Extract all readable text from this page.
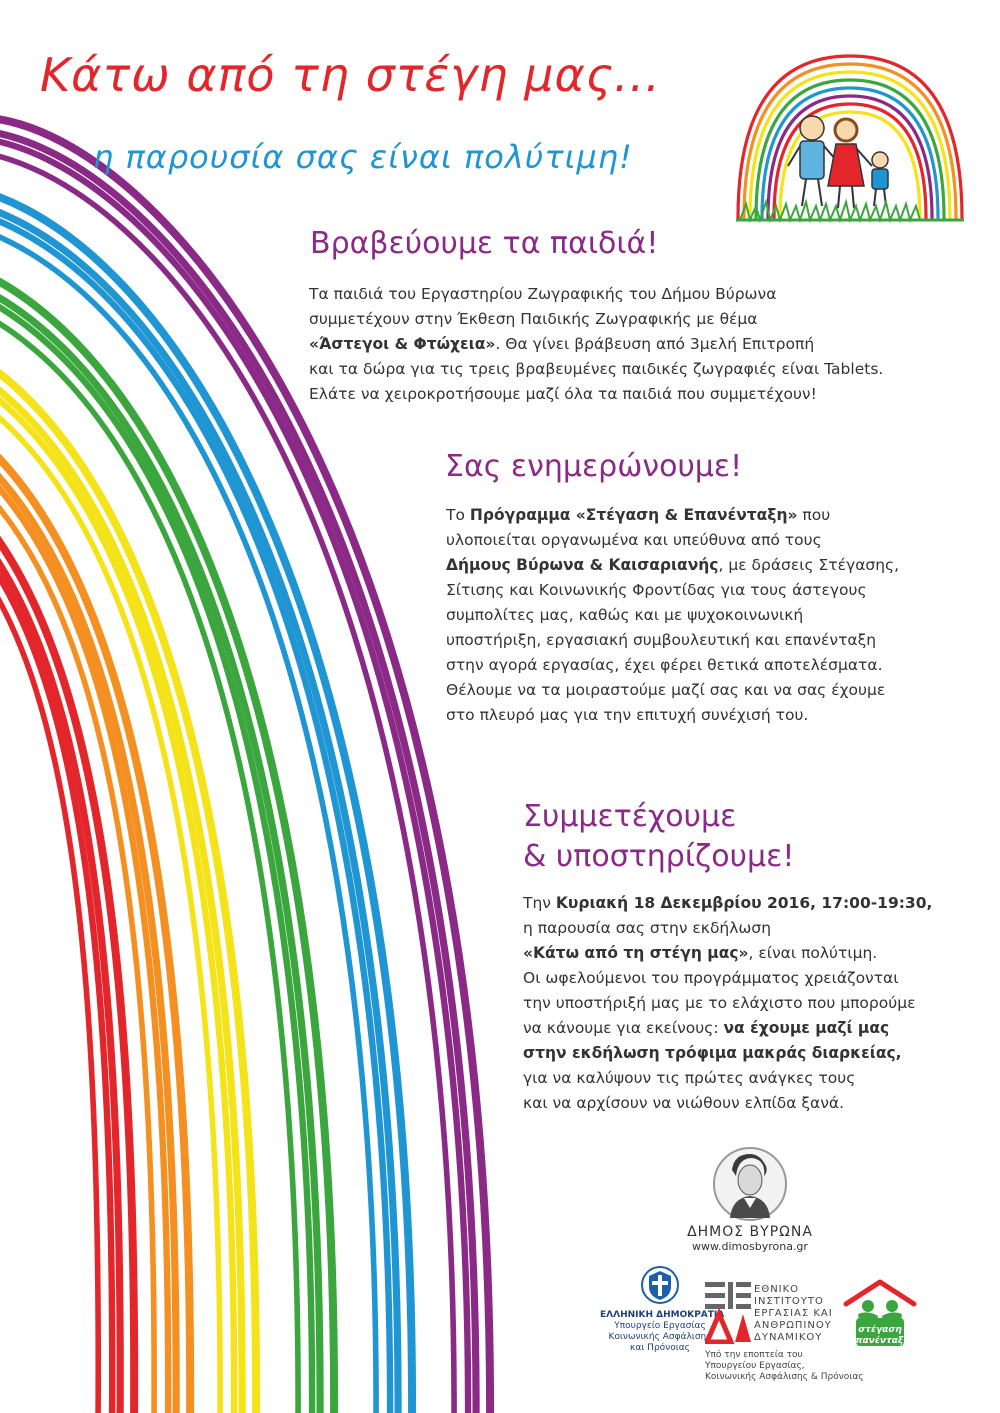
Κάτω από τη στέγη μας...
η παρουσία σας είναι πολύτιμη!
Βραβεύουμε τα παιδιά!

Τα παιδιά του Εργαστηρίου Ζωγραφικής του Δήμου Βύρωνα

συμμετέχουν στην Έκθεση Παιδικής Ζωγραφικής με θέμα

«Άστεγοι & Φτώχεια». Θα γίνει βράβευση από 3μελή Επιτροπή

και τα δώρα για τις τρεις βραβευμένες παιδικές ζωγραφιές είναι Tablets.

Ελάτε να χειροκροτήσουμε μαζί όλα τα παιδιά που συμμετέχουν!

Σας ενημερώνουμε!

Το Πρόγραμμα «Στέγαση & Επανένταξη» που

υλοποιείται οργανωμένα και υπεύθυνα από τους

Δήμους Βύρωνα & Καισαριανής, με δράσεις Στέγασης,

Σίτισης και Κοινωνικής Φροντίδας για τους άστεγους

συμπολίτες μας, καθώς και με ψυχοκοινωνική

υποστήριξη, εργασιακή συμβουλευτική και επανένταξη

στην αγορά εργασίας, έχει φέρει θετικά αποτελέσματα.

Θέλουμε να τα μοιραστούμε μαζί σας και να σας έχουμε

στο πλευρό μας για την επιτυχή συνέχισή του.

Συμμετέχουμε
& υποστηρίζουμε!

Την Κυριακή 18 Δεκεμβρίου 2016, 17:00-19:30,

η παρουσία σας στην εκδήλωση

«Κάτω από τη στέγη μας», είναι πολύτιμη.

Οι ωφελούμενοι του προγράμματος χρειάζονται

την υποστήριξή μας με το ελάχιστο που μπορούμε

να κάνουμε για εκείνους: να έχουμε μαζί μας

στην εκδήλωση τρόφιμα μακράς διαρκείας,

για να καλύψουν τις πρώτες ανάγκες τους

και να αρχίσουν να νιώθουν ελπίδα ξανά.

ΔΗΜΟΣ ΒΥΡΩΝΑ
www.dimosbyrona.gr
ΕΛΛΗΝΙΚΗ ΔΗΜΟΚΡΑΤΙΑ
Υπουργείο Εργασίας
Κοινωνικής Ασφάλισης
και Πρόνοιας
ΕΘΝΙΚΟ
ΙΝΣΤΙΤΟΥΤΟ
ΕΡΓΑΣΙΑΣ ΚΑΙ
ΑΝΘΡΩΠΙΝΟΥ
ΔΥΝΑΜΙΚΟΥ
Υπό την εποπτεία του
Υπουργείου Εργασίας,
Κοινωνικής Ασφάλισης & Πρόνοιας
στέγαση
επανένταξη
